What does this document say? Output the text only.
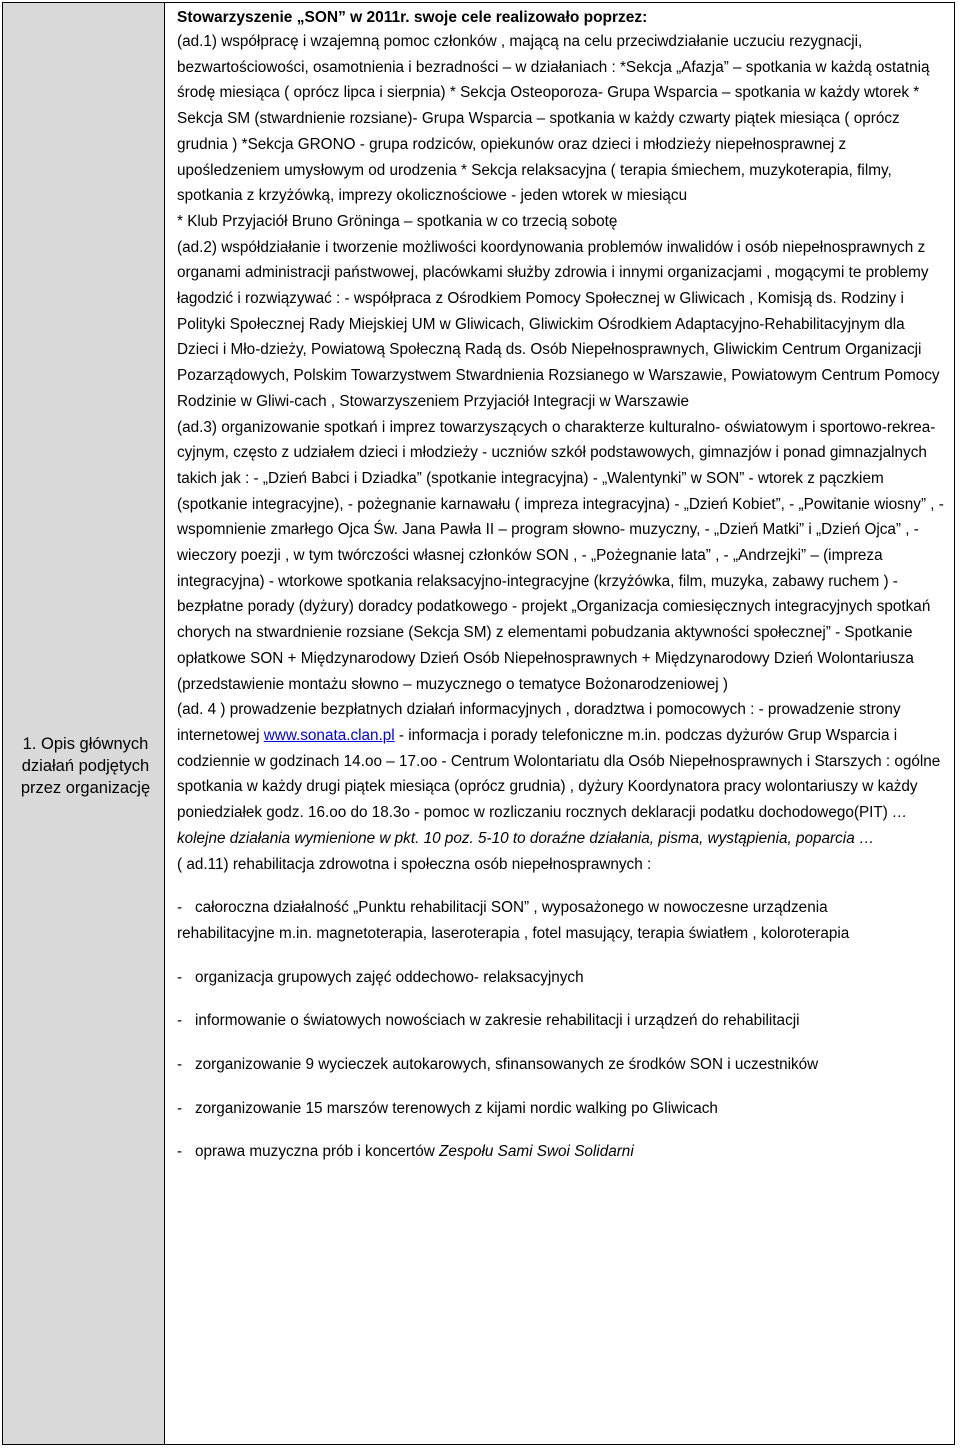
1. Opis głównych działań podjętych przez organizację
Stowarzyszenie „SON” w 2011r. swoje cele realizowało poprzez:
(ad.1) współpracę i wzajemną pomoc członków , mającą na celu przeciwdziałanie uczuciu rezygnacji, bezwartościowości, osamotnienia i bezradności – w działaniach : *Sekcja „Afazja” – spotkania w każdą ostatnią środę miesiąca ( oprócz lipca i sierpnia) * Sekcja Osteoporoza- Grupa Wsparcia – spotkania w każdy wtorek * Sekcja SM (stwardnienie rozsiane)- Grupa Wsparcia – spotkania w każdy czwarty piątek miesiąca ( oprócz grudnia ) *Sekcja GRONO - grupa rodziców, opiekunów oraz dzieci i młodzieży niepełnosprawnej z upośledzeniem umysłowym od urodzenia * Sekcja relaksacyjna ( terapia śmiechem, muzykoterapia, filmy, spotkania z krzyżówką, imprezy okolicznościowe - jeden wtorek w miesiącu
* Klub Przyjaciół Bruno Gröninga – spotkania w co trzecią sobotę
(ad.2) współdziałanie i tworzenie możliwości koordynowania problemów inwalidów i osób niepełnosprawnych z organami administracji państwowej, placówkami służby zdrowia i innymi organizacjami , mogącymi te problemy łagodzić i rozwiązywać : - współpraca z Ośrodkiem Pomocy Społecznej w Gliwicach , Komisją ds. Rodziny i Polityki Społecznej Rady Miejskiej UM w Gliwicach, Gliwickim Ośrodkiem Adaptacyjno-Rehabilitacyjnym dla Dzieci i Mło-dzieży, Powiatową Społeczną Radą ds. Osób Niepełnosprawnych, Gliwickim Centrum Organizacji Pozarządowych, Polskim Towarzystwem Stwardnienia Rozsianego w Warszawie, Powiatowym Centrum Pomocy Rodzinie w Gliwi-cach , Stowarzyszeniem Przyjaciół Integracji w Warszawie
(ad.3) organizowanie spotkań i imprez towarzyszących o charakterze kulturalno- oświatowym i sportowo-rekrea-cyjnym, często z udziałem dzieci i młodzieży - uczniów szkół podstawowych, gimnazjów i ponad gimnazjalnych takich jak : - „Dzień Babci i Dziadka” (spotkanie integracyjna) - „Walentynki” w SON” - wtorek z pączkiem (spotkanie integracyjne), - pożegnanie karnawału ( impreza integracyjna) - „Dzień Kobiet”, - „Powitanie wiosny” , - wspomnienie zmarłego Ojca Św. Jana Pawła II – program słowno- muzyczny, - „Dzień Matki” i „Dzień Ojca” , - wieczory poezji , w tym twórczości własnej członków SON , - „Pożegnanie lata” , - „Andrzejki” – (impreza integracyjna) - wtorkowe spotkania relaksacyjno-integracyjne (krzyżówka, film, muzyka, zabawy ruchem ) - bezpłatne porady (dyżury) doradcy podatkowego - projekt „Organizacja comiesięcznych integracyjnych spotkań chorych na stwardnienie rozsiane (Sekcja SM) z elementami pobudzania aktywności społecznej” - Spotkanie opłatkowe SON + Międzynarodowy Dzień Osób Niepełnosprawnych + Międzynarodowy Dzień Wolontariusza (przedstawienie montażu słowno – muzycznego o tematyce Bożonarodzeniowej )
(ad. 4 ) prowadzenie bezpłatnych działań informacyjnych , doradztwa i pomocowych : - prowadzenie strony internetowej www.sonata.clan.pl - informacja i porady telefoniczne m.in. podczas dyżurów Grup Wsparcia i codziennie w godzinach 14.oo – 17.oo - Centrum Wolontariatu dla Osób Niepełnosprawnych i Starszych : ogólne spotkania w każdy drugi piątek miesiąca (oprócz grudnia) , dyżury Koordynatora pracy wolontariuszy w każdy poniedziałek godz. 16.oo do 18.3o - pomoc w rozliczaniu rocznych deklaracji podatku dochodowego(PIT) … kolejne działania wymienione w pkt. 10 poz. 5-10 to doraźne działania, pisma, wystąpienia, poparcia …
( ad.11) rehabilitacja zdrowotna i społeczna osób niepełnosprawnych :
- całoroczna działalność „Punktu rehabilitacji SON” , wyposażonego w nowoczesne urządzenia
rehabilitacyjne m.in. magnetoterapia, laseroterapia , fotel masujący, terapia światłem , koloroterapia
- organizacja grupowych zajęć oddechowo- relaksacyjnych
- informowanie o światowych nowościach w zakresie rehabilitacji i urządzeń do rehabilitacji
- zorganizowanie 9 wycieczek autokarowych, sfinansowanych ze środków SON i uczestników
- zorganizowanie 15 marszów terenowych z kijami nordic walking po Gliwicach
- oprawa muzyczna prób i koncertów Zespołu Sami Swoi Solidarni
